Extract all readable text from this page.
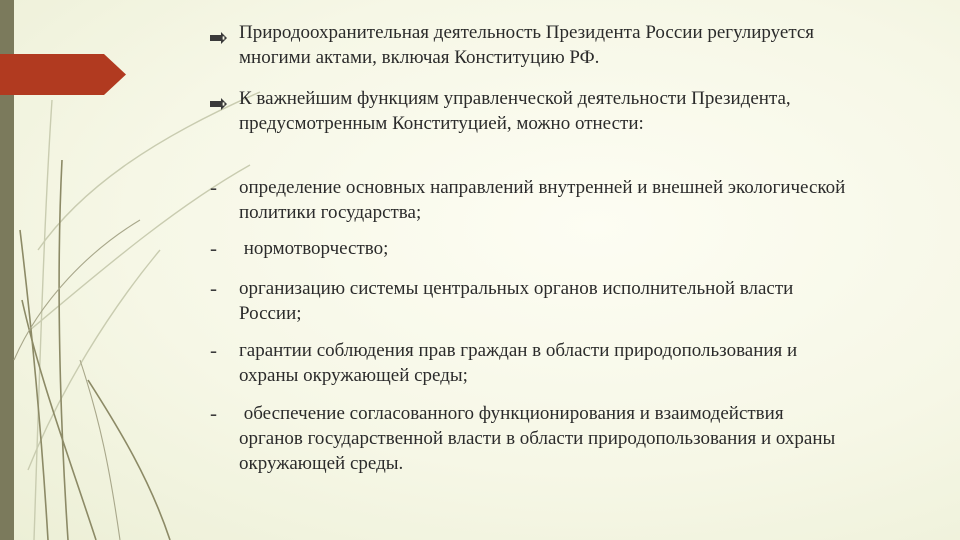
Природоохранительная деятельность Президента России регулируется многими актами, включая Конституцию РФ.
К важнейшим функциям управленческой деятельности Президента, предусмотренным Конституцией, можно отнести:
-	определение основных направлений внутренней и внешней экологической политики государства;
-	нормотворчество;
-	организацию системы центральных органов исполнительной власти России;
-	гарантии соблюдения прав граждан в области природопользования и охраны окружающей среды;
-	обеспечение согласованного функционирования и взаимодействия органов государственной власти в области природопользования и охраны окружающей среды.
